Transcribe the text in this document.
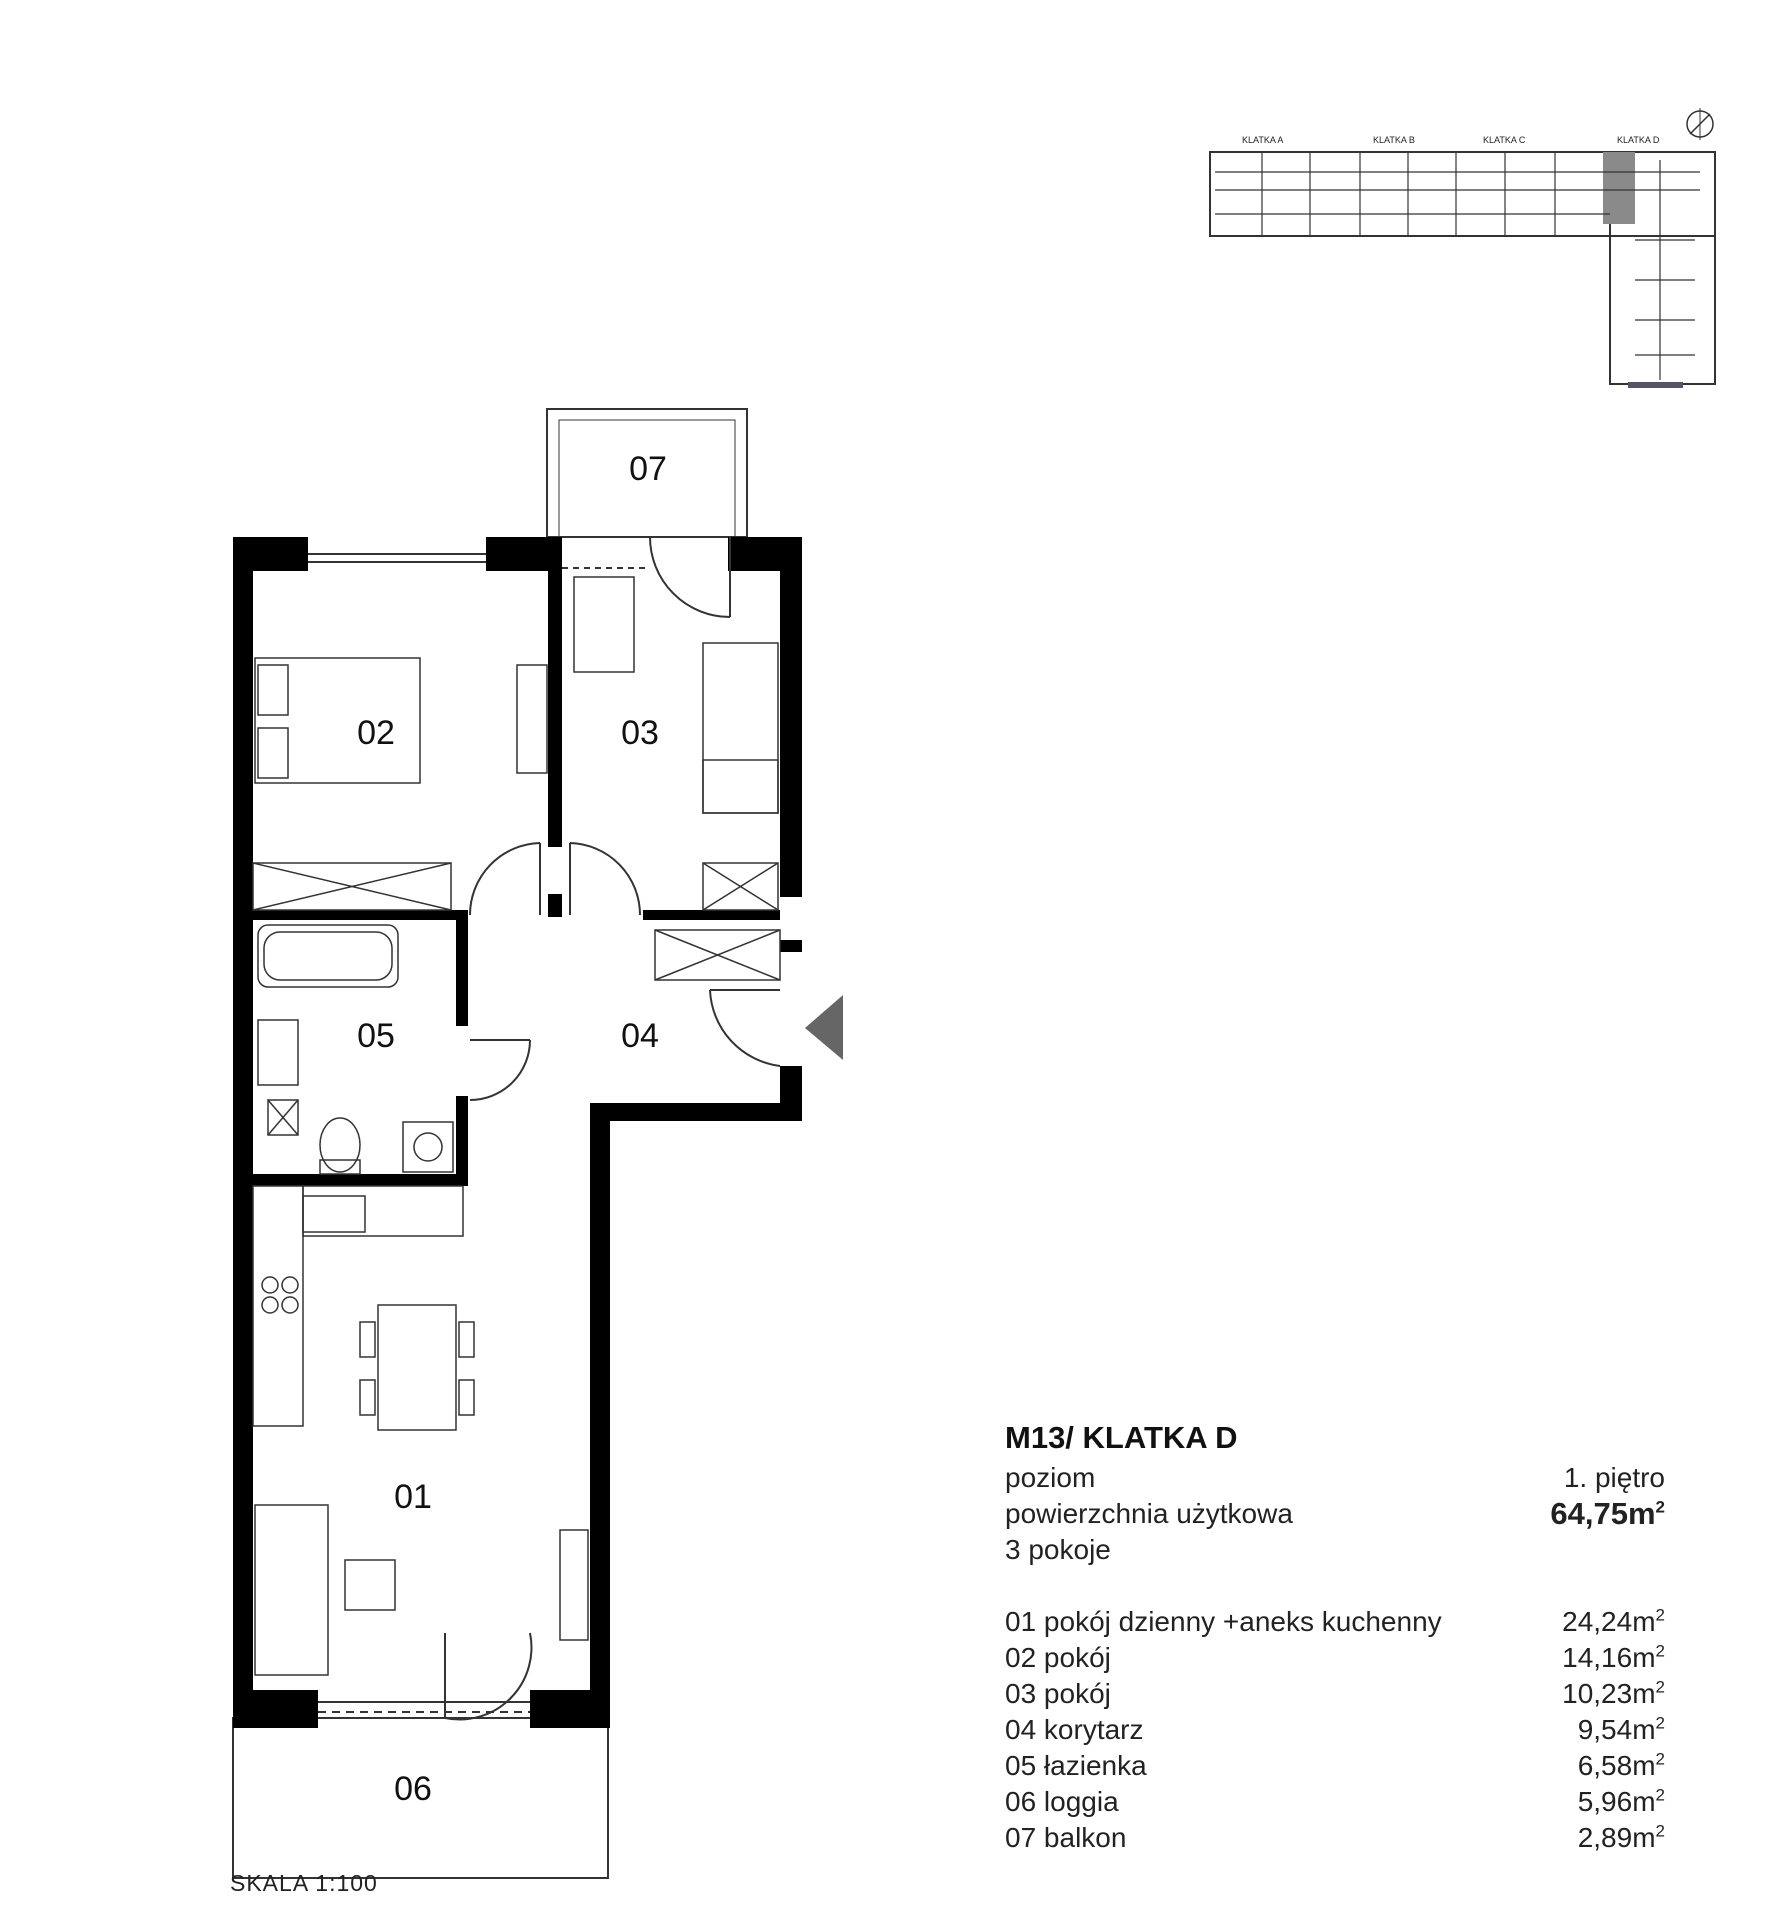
KLATKA A	KLATKA B	KLATKA C	KLATKA D
02	03
05	04
01
06
07
SKALA 1:100
M13/ KLATKA D
poziom	1. piętro
powierzchnia użytkowa	$64,75m^2$
3 pokoje
01 pokój dzienny +aneks kuchenny	$24,24m^2$
02 pokój	$14,16m^2$
03 pokój	$10,23m^2$
04 korytarz	$9,54m^2$
05 łazienka	$6,58m^2$
06 loggia	$5,96m^2$
07 balkon	$2,89m^2$
